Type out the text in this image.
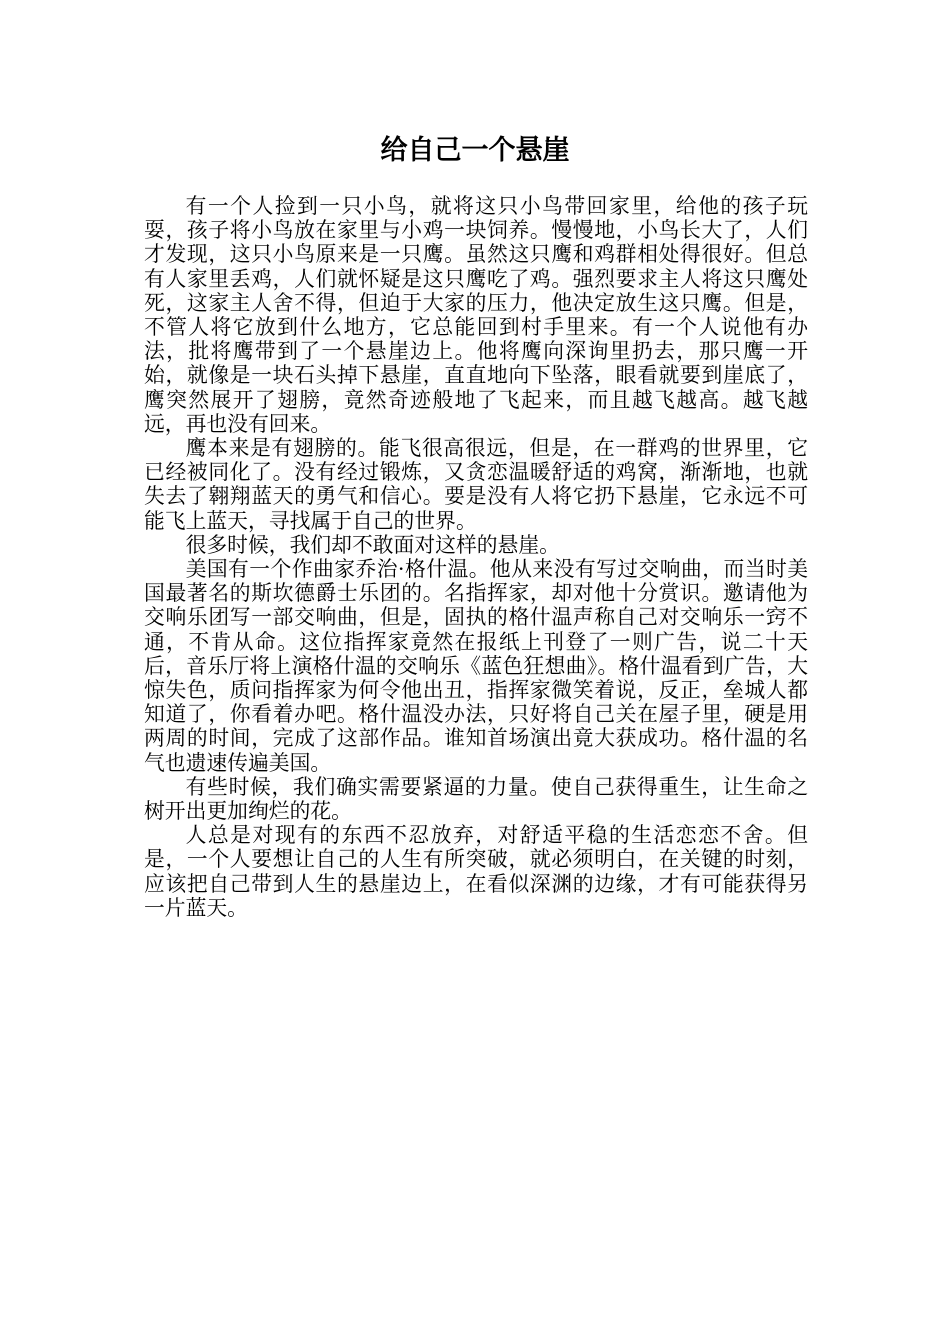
给自己一个悬崖

有一个人捡到一只小鸟，就将这只小鸟带回家里，给他的孩子玩耍，孩子将小鸟放在家里与小鸡一块饲养。慢慢地，小鸟长大了，人们才发现，这只小鸟原来是一只鹰。虽然这只鹰和鸡群相处得很好。但总有人家里丢鸡，人们就怀疑是这只鹰吃了鸡。强烈要求主人将这只鹰处死，这家主人舍不得，但迫于大家的压力，他决定放生这只鹰。但是，不管人将它放到什么地方，它总能回到村手里来。有一个人说他有办法，批将鹰带到了一个悬崖边上。他将鹰向深询里扔去，那只鹰一开始，就像是一块石头掉下悬崖，直直地向下坠落，眼看就要到崖底了，鹰突然展开了翅膀，竟然奇迹般地了飞起来，而且越飞越高。越飞越远，再也没有回来。

鹰本来是有翅膀的。能飞很高很远，但是，在一群鸡的世界里，它已经被同化了。没有经过锻炼，又贪恋温暖舒适的鸡窝，渐渐地，也就失去了翱翔蓝天的勇气和信心。要是没有人将它扔下悬崖，它永远不可能飞上蓝天，寻找属于自己的世界。

很多时候，我们却不敢面对这样的悬崖。

美国有一个作曲家乔治·格什温。他从来没有写过交响曲，而当时美国最著名的斯坎德爵士乐团的。名指挥家，却对他十分赏识。邀请他为交响乐团写一部交响曲，但是，固执的格什温声称自己对交响乐一窍不通，不肯从命。这位指挥家竟然在报纸上刊登了一则广告，说二十天后，音乐厅将上演格什温的交响乐《蓝色狂想曲》。格什温看到广告，大惊失色，质问指挥家为何令他出丑，指挥家微笑着说，反正，垒城人都知道了，你看着办吧。格什温没办法，只好将自己关在屋子里，硬是用两周的时间，完成了这部作品。谁知首场演出竟大获成功。格什温的名气也遗速传遍美国。

有些时候，我们确实需要紧逼的力量。使自己获得重生，让生命之树开出更加绚烂的花。

人总是对现有的东西不忍放弃，对舒适平稳的生活恋恋不舍。但是，一个人要想让自己的人生有所突破，就必须明白，在关键的时刻，应该把自己带到人生的悬崖边上，在看似深渊的边缘，才有可能获得另一片蓝天。
